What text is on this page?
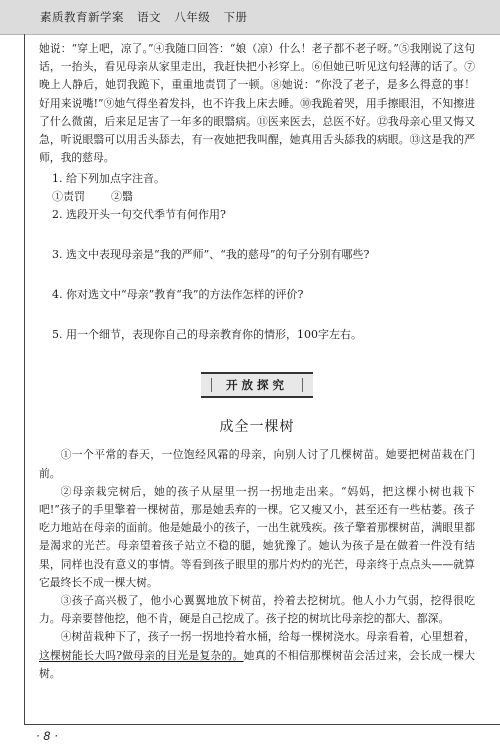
素质教育新学案 语文 八年级 下册

她说：“穿上吧，凉了。”④我随口回答：“娘（凉）什么！老子都不老子呀。”⑤我刚说了这句话，一抬头，看见母亲从家里走出，我赶快把小衫穿上。⑥但她已听见这句轻薄的话了。⑦晚上人静后，她罚我跪下，重重地责罚了一顿。⑧她说：“你没了老子，是多么得意的事！好用来说嘴!”⑨她气得坐着发抖，也不许我上床去睡。⑩我跪着哭，用手擦眼泪，不知擦进了什么微菌，后来足足害了一年多的眼翳病。⑪医来医去，总医不好。⑫我母亲心里又悔又急，听说眼翳可以用舌头舔去，有一夜她把我叫醒，她真用舌头舔我的病眼。⑬这是我的严师，我的慈母。

1. 给下列加点字注音。

①责罚 ②翳

2. 选段开头一句交代季节有何作用?

3. 选文中表现母亲是“我的严师”、“我的慈母”的句子分别有哪些?

4. 你对选文中“母亲”教育“我”的方法作怎样的评价?

5. 用一个细节，表现你自己的母亲教育你的情形，100字左右。

开放探究
成全一棵树

①一个平常的春天，一位饱经风霜的母亲，向别人讨了几棵树苗。她要把树苗栽在门前。

②母亲栽完树后，她的孩子从屋里一拐一拐地走出来。“妈妈，把这棵小树也栽下吧!”孩子的手里擎着一棵树苗，那是她丢弃的一棵。它又瘦又小，甚至还有一些枯萎。孩子吃力地站在母亲的面前。他是她最小的孩子，一出生就残疾。孩子擎着那棵树苗，满眼里都是渴求的光芒。母亲望着孩子站立不稳的腿，她犹豫了。她认为孩子是在做着一件没有结果，同样也没有意义的事情。等看到孩子眼里的那片灼灼的光芒，母亲终于点点头——就算它最终长不成一棵大树。

③孩子高兴极了，他小心翼翼地放下树苗，拎着去挖树坑。他人小力气弱，挖得很吃力。母亲要替他挖，他不肯，硬是自己挖成了。孩子挖的树坑比母亲挖的都大、都深。

④树苗栽种下了，孩子一拐一拐地拎着水桶，给每一棵树浇水。母亲看着，心里想着，这棵树能长大吗?做母亲的目光是复杂的。她真的不相信那棵树苗会活过来，会长成一棵大树。

· 8 ·
